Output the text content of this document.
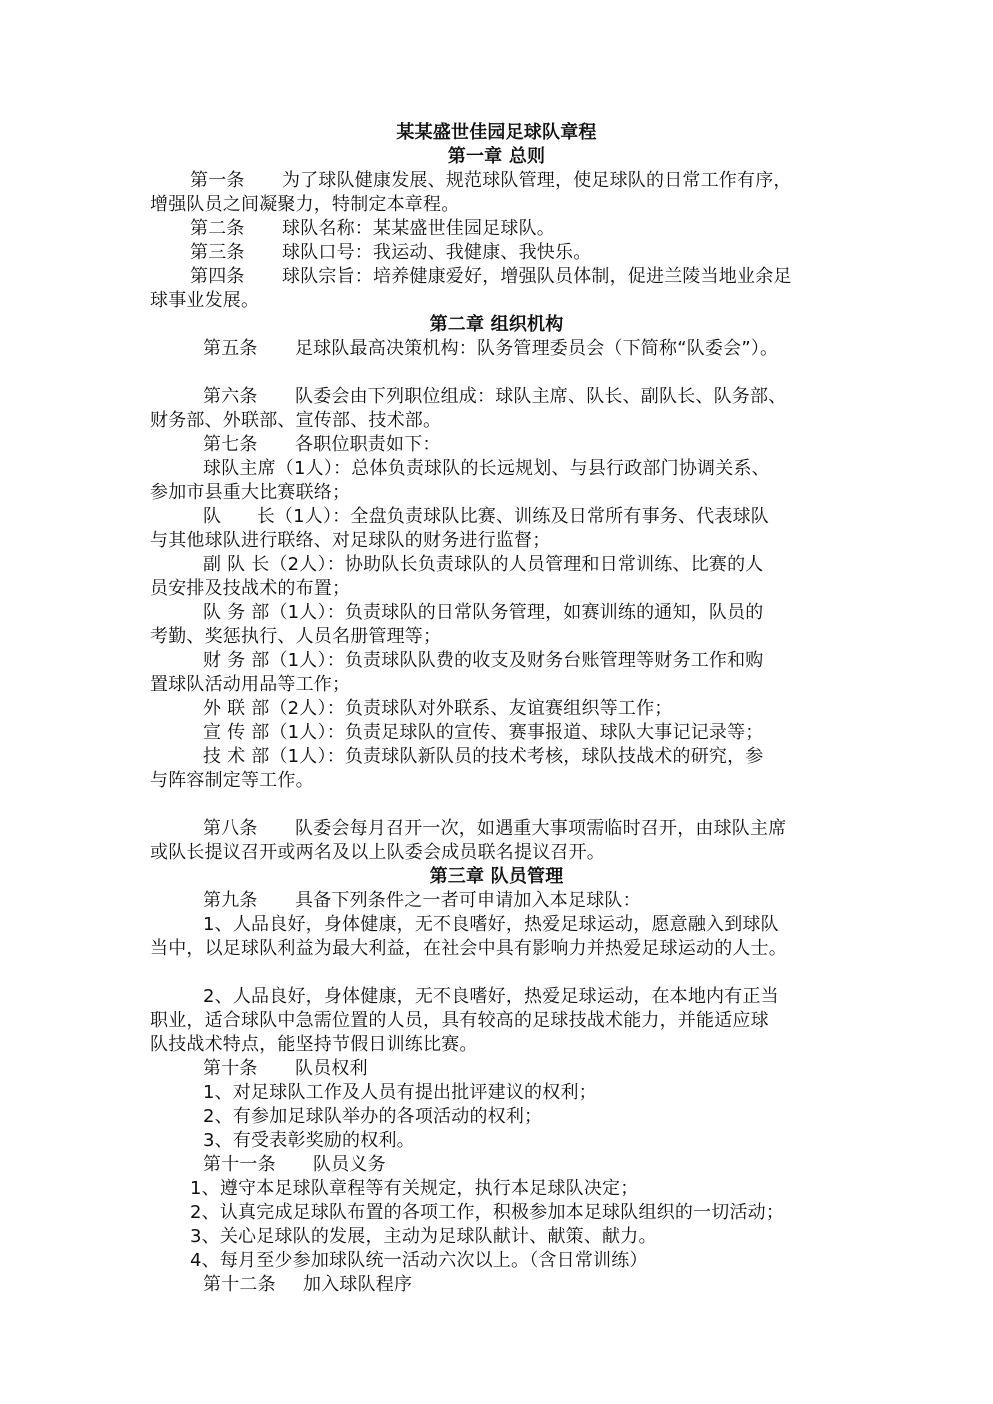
某某盛世佳园足球队章程
第一章 总则
第一条 为了球队健康发展、规范球队管理，使足球队的日常工作有序，
增强队员之间凝聚力，特制定本章程。
第二条 球队名称：某某盛世佳园足球队。
第三条 球队口号：我运动、我健康、我快乐。
第四条 球队宗旨：培养健康爱好，增强队员体制，促进兰陵当地业余足
球事业发展。
第二章 组织机构
第五条 足球队最高决策机构：队务管理委员会（下简称“队委会”）。
第六条 队委会由下列职位组成：球队主席、队长、副队长、队务部、
财务部、外联部、宣传部、技术部。
第七条 各职位职责如下：
球队主席（1人）：总体负责球队的长远规划、与县行政部门协调关系、
参加市县重大比赛联络；
队      长（1人）：全盘负责球队比赛、训练及日常所有事务、代表球队
与其他球队进行联络、对足球队的财务进行监督；
副 队 长（2人）：协助队长负责球队的人员管理和日常训练、比赛的人
员安排及技战术的布置；
队 务 部（1人）：负责球队的日常队务管理，如赛训练的通知，队员的
考勤、奖惩执行、人员名册管理等；
财 务 部（1人）：负责球队队费的收支及财务台账管理等财务工作和购
置球队活动用品等工作；
外 联 部（2人）：负责球队对外联系、友谊赛组织等工作；
宣 传 部（1人）：负责足球队的宣传、赛事报道、球队大事记记录等；
技 术 部（1人）：负责球队新队员的技术考核，球队技战术的研究，参
与阵容制定等工作。
第八条 队委会每月召开一次，如遇重大事项需临时召开，由球队主席
或队长提议召开或两名及以上队委会成员联名提议召开。
第三章 队员管理
第九条 具备下列条件之一者可申请加入本足球队：
1、人品良好，身体健康，无不良嗜好，热爱足球运动，愿意融入到球队
当中，以足球队利益为最大利益，在社会中具有影响力并热爱足球运动的人士。
2、人品良好，身体健康，无不良嗜好，热爱足球运动，在本地内有正当
职业，适合球队中急需位置的人员，具有较高的足球技战术能力，并能适应球
队技战术特点，能坚持节假日训练比赛。
第十条 队员权利
1、对足球队工作及人员有提出批评建议的权利；
2、有参加足球队举办的各项活动的权利；
3、有受表彰奖励的权利。
第十一条 队员义务
1、遵守本足球队章程等有关规定，执行本足球队决定；
2、认真完成足球队布置的各项工作，积极参加本足球队组织的一切活动；
3、关心足球队的发展，主动为足球队献计、献策、献力。
4、每月至少参加球队统一活动六次以上。（含日常训练）
第十二条 加入球队程序
